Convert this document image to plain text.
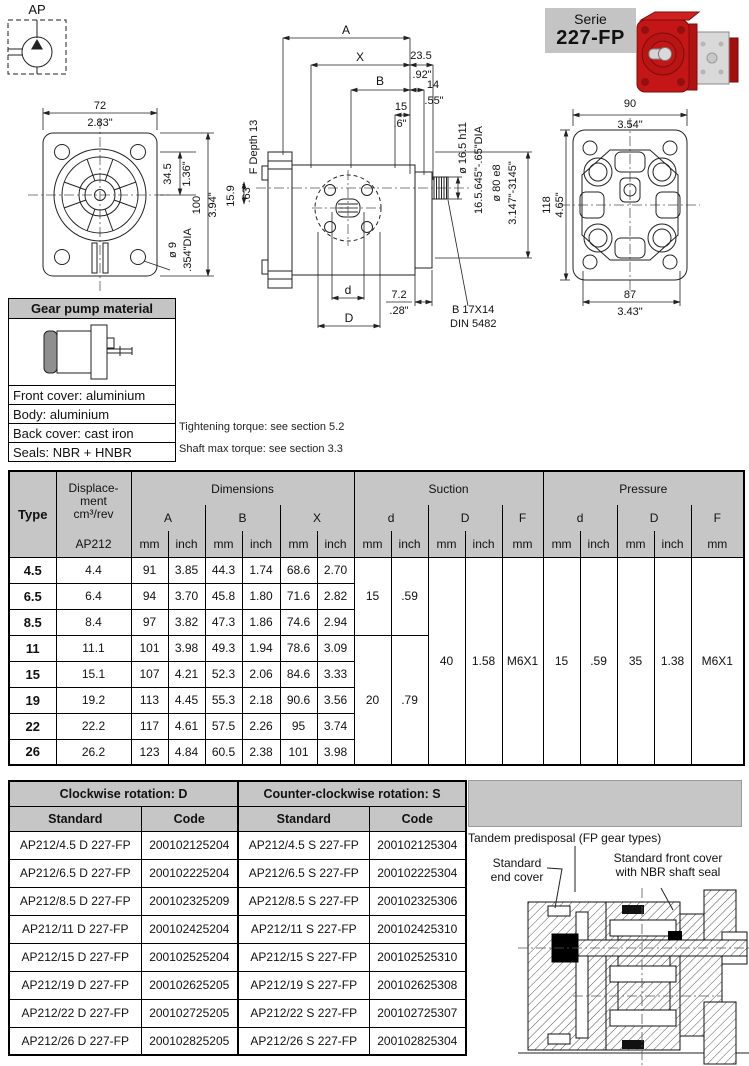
AP
72
2.83"
34.5 1.36"
100 3.94"
ø 9 .354"DIA
A
X	23.5
.92"
B	14
.55"
15
.6"
F Depth 13
15.9 .63"
d
D
7.2
.28"
ø 16.5 h11 16.5.645"-.65"DIA ø 80 e8 3.147"-3145"
B 17X14
DIN 5482
90
3.54"
118 4.65"
87
3.43"
Serie
227-FP
Gear pump material
Front cover: aluminium
Body: aluminium
Back cover: cast iron
Seals: NBR + HNBR
Tightening torque: see section 5.2
Shaft max torque: see section 3.3
Type	Displace-
ment
cm³/rev	Dimensions						Suction					Pressure				
		A		B		X		d		D		F	d		D		F
	AP212	mm	inch	mm	inch	mm	inch	mm	inch	mm	inch	mm	mm	inch	mm	inch	mm
4.5	4.4	91	3.85	44.3	1.74	68.6	2.70	15	.59	40	1.58	M6X1	15	.59	35	1.38	M6X1
6.5	6.4	94	3.70	45.8	1.80	71.6	2.82										
8.5	8.4	97	3.82	47.3	1.86	74.6	2.94										
11	11.1	101	3.98	49.3	1.94	78.6	3.09	20	.79								
15	15.1	107	4.21	52.3	2.06	84.6	3.33										
19	19.2	113	4.45	55.3	2.18	90.6	3.56										
22	22.2	117	4.61	57.5	2.26	95	3.74										
26	26.2	123	4.84	60.5	2.38	101	3.98										
Clockwise rotation: D		Counter-clockwise rotation: S	
Standard	Code	Standard	Code
AP212/4.5 D 227-FP	200102125204	AP212/4.5 S 227-FP	200102125304
AP212/6.5 D 227-FP	200102225204	AP212/6.5 S 227-FP	200102225304
AP212/8.5 D 227-FP	200102325209	AP212/8.5 S 227-FP	200102325306
AP212/11 D 227-FP	200102425204	AP212/11 S 227-FP	200102425310
AP212/15 D 227-FP	200102525204	AP212/15 S 227-FP	200102525310
AP212/19 D 227-FP	200102625205	AP212/19 S 227-FP	200102625308
AP212/22 D 227-FP	200102725205	AP212/22 S 227-FP	200102725307
AP212/26 D 227-FP	200102825205	AP212/26 S 227-FP	200102825304
Tandem predisposal (FP gear types)
Standard
end cover
Standard front cover
with NBR shaft seal
